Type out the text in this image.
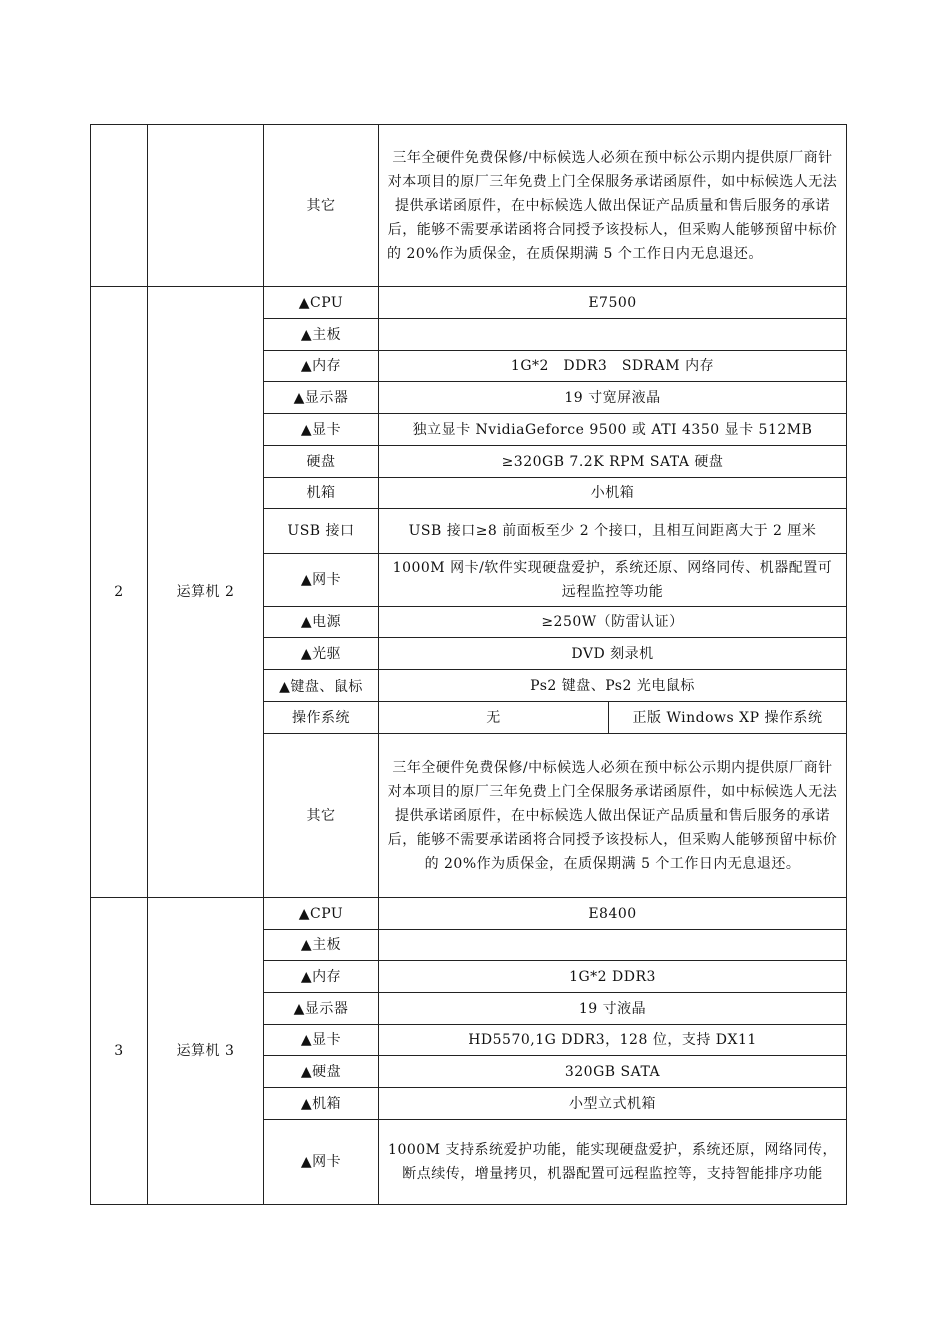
		其它	三年全硬件免费保修/中标候选人必须在预中标公示期内提供原厂商针对本项目的原厂三年免费上门全保服务承诺函原件，如中标候选人无法提供承诺函原件，在中标候选人做出保证产品质量和售后服务的承诺后，能够不需要承诺函将合同授予该投标人，但采购人能够预留中标价的 20%作为质保金，在质保期满 5 个工作日内无息退还。	
2	运算机 2	▲CPU	E7500	
		▲主板		
		▲内存	1G*2　DDR3　SDRAM 内存	
		▲显示器	19 寸宽屏液晶	
		▲显卡	独立显卡 NvidiaGeforce 9500 或 ATI 4350 显卡 512MB	
		硬盘	≥320GB 7.2K RPM SATA 硬盘	
		机箱	小机箱	
		USB 接口	USB 接口≥8 前面板至少 2 个接口，且相互间距离大于 2 厘米	
		▲网卡	1000M 网卡/软件实现硬盘爱护，系统还原、网络同传、机器配置可远程监控等功能	
		▲电源	≥250W（防雷认证）	
		▲光驱	DVD 刻录机	

		▲键盘、鼠标	Ps2 键盘、Ps2 光电鼠标	
		操作系统	无	正版 Windows XP 操作系统
		其它	三年全硬件免费保修/中标候选人必须在预中标公示期内提供原厂商针对本项目的原厂三年免费上门全保服务承诺函原件，如中标候选人无法提供承诺函原件，在中标候选人做出保证产品质量和售后服务的承诺后，能够不需要承诺函将合同授予该投标人，但采购人能够预留中标价的 20%作为质保金，在质保期满 5 个工作日内无息退还。	
3	运算机 3	▲CPU	E8400	
		▲主板		
		▲内存	1G*2 DDR3	
		▲显示器	19 寸液晶	
		▲显卡	HD5570,1G DDR3，128 位，支持 DX11	
		▲硬盘	320GB SATA	
		▲机箱	小型立式机箱	
		▲网卡	1000M 支持系统爱护功能，能实现硬盘爱护，系统还原，网络同传，断点续传，增量拷贝，机器配置可远程监控等，支持智能排序功能	
